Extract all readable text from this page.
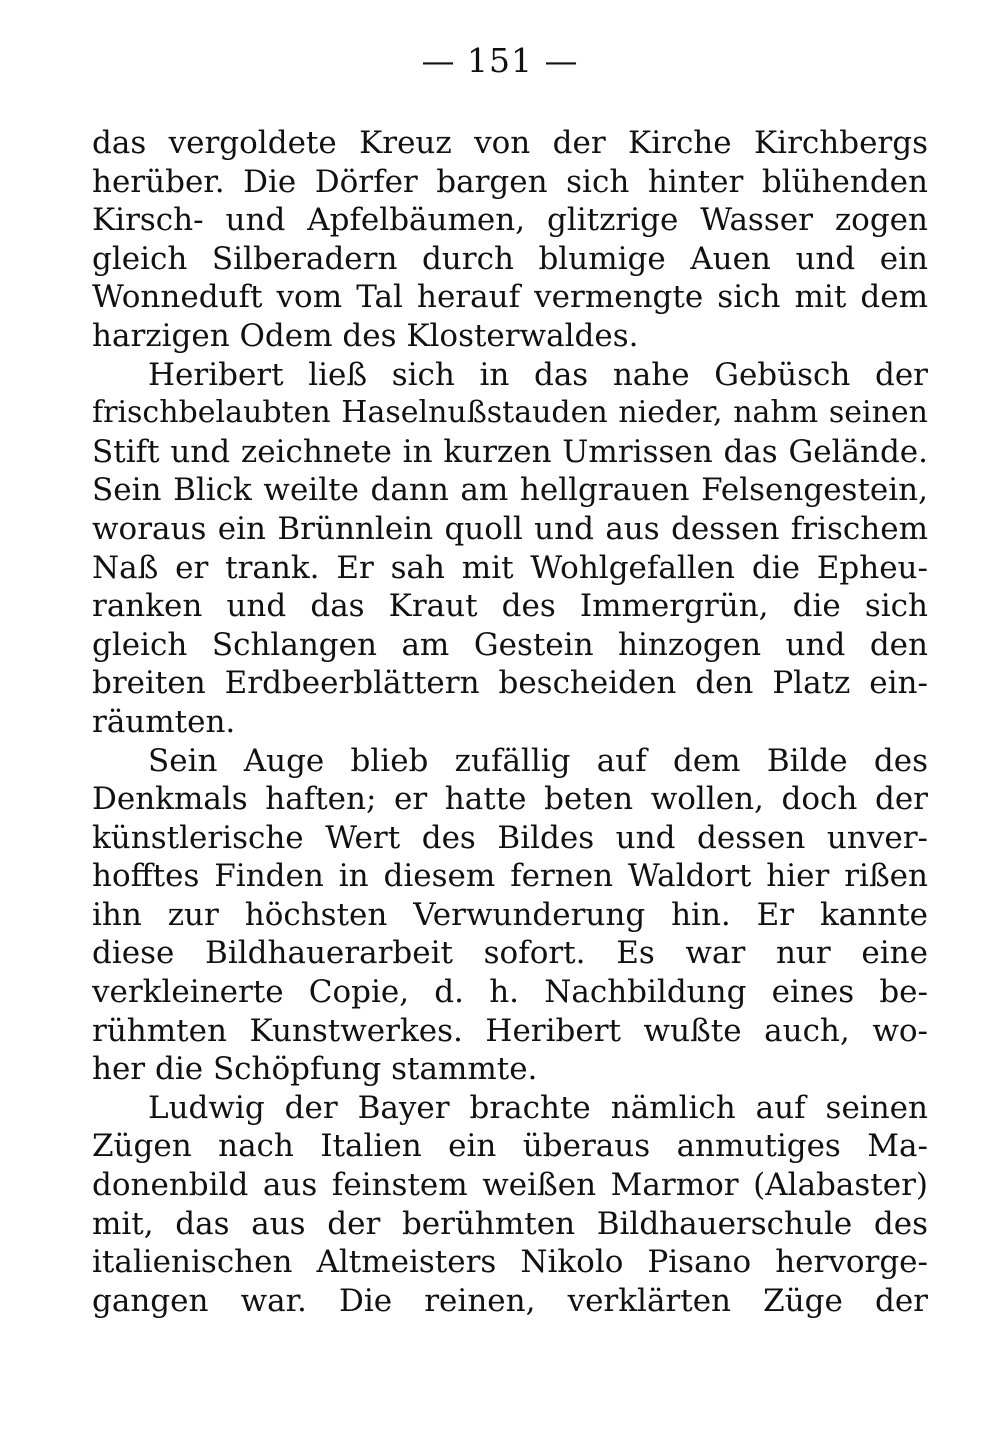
— 151 —
das vergoldete Kreuz von der Kirche Kirchbergs
herüber. Die Dörfer bargen sich hinter blühenden
Kirsch- und Apfelbäumen, glitzrige Wasser zogen
gleich Silberadern durch blumige Auen und ein
Wonneduft vom Tal herauf vermengte sich mit dem
harzigen Odem des Klosterwaldes.
Heribert ließ sich in das nahe Gebüsch der
frischbelaubten Haselnußstauden nieder, nahm seinen
Stift und zeichnete in kurzen Umrissen das Gelände.
Sein Blick weilte dann am hellgrauen Felsengestein,
woraus ein Brünnlein quoll und aus dessen frischem
Naß er trank. Er sah mit Wohlgefallen die Epheu-
ranken und das Kraut des Immergrün, die sich
gleich Schlangen am Gestein hinzogen und den
breiten Erdbeerblättern bescheiden den Platz ein-
räumten.
Sein Auge blieb zufällig auf dem Bilde des
Denkmals haften; er hatte beten wollen, doch der
künstlerische Wert des Bildes und dessen unver-
hofftes Finden in diesem fernen Waldort hier rißen
ihn zur höchsten Verwunderung hin. Er kannte
diese Bildhauerarbeit sofort. Es war nur eine
verkleinerte Copie, d. h. Nachbildung eines be-
rühmten Kunstwerkes. Heribert wußte auch, wo-
her die Schöpfung stammte.
Ludwig der Bayer brachte nämlich auf seinen
Zügen nach Italien ein überaus anmutiges Ma-
donenbild aus feinstem weißen Marmor (Alabaster)
mit, das aus der berühmten Bildhauerschule des
italienischen Altmeisters Nikolo Pisano hervorge-
gangen war. Die reinen, verklärten Züge der
